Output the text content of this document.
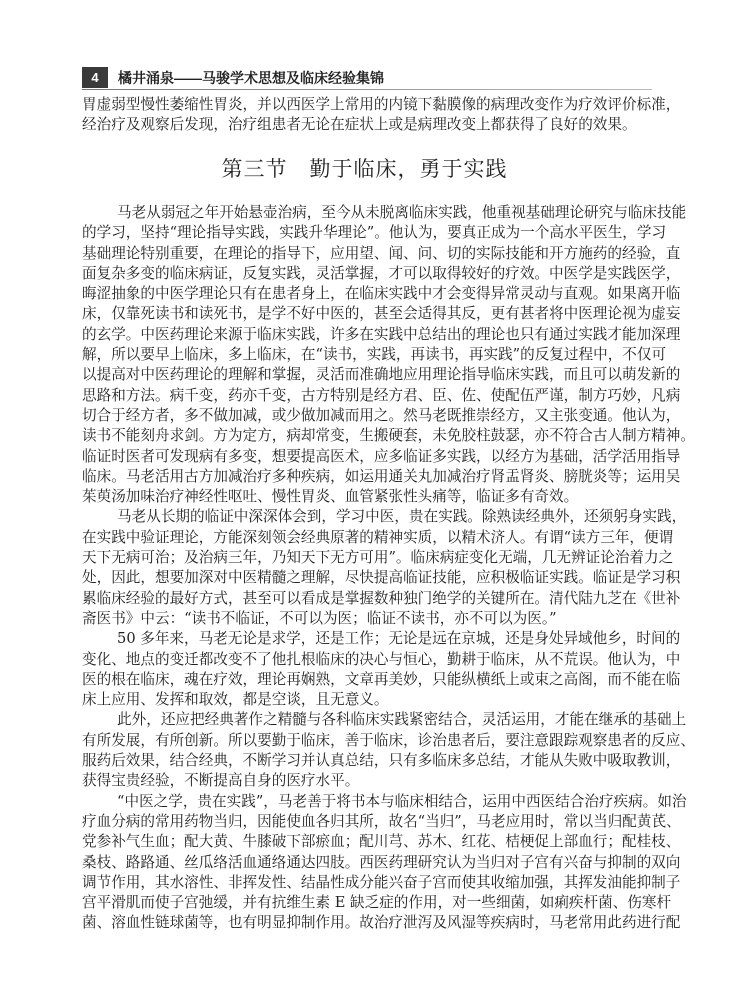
4	橘井涌泉——马骏学术思想及临床经验集锦
胃虚弱型慢性萎缩性胃炎，并以西医学上常用的内镜下黏膜像的病理改变作为疗效评价标准，
经治疗及观察后发现，治疗组患者无论在症状上或是病理改变上都获得了良好的效果。
第三节　勤于临床，勇于实践
马老从弱冠之年开始悬壶治病，至今从未脱离临床实践，他重视基础理论研究与临床技能
的学习，坚持“理论指导实践，实践升华理论”。他认为，要真正成为一个高水平医生，学习
基础理论特别重要，在理论的指导下，应用望、闻、问、切的实际技能和开方施药的经验，直
面复杂多变的临床病证，反复实践，灵活掌握，才可以取得较好的疗效。中医学是实践医学，
晦涩抽象的中医学理论只有在患者身上，在临床实践中才会变得异常灵动与直观。如果离开临
床，仅靠死读书和读死书，是学不好中医的，甚至会适得其反，更有甚者将中医理论视为虚妄
的玄学。中医药理论来源于临床实践，许多在实践中总结出的理论也只有通过实践才能加深理
解，所以要早上临床，多上临床，在“读书，实践，再读书，再实践”的反复过程中，不仅可
以提高对中医药理论的理解和掌握，灵活而准确地应用理论指导临床实践，而且可以萌发新的
思路和方法。病千变，药亦千变，古方特别是经方君、臣、佐、使配伍严谨，制方巧妙，凡病
切合于经方者，多不做加减，或少做加减而用之。然马老既推崇经方，又主张变通。他认为，
读书不能刻舟求剑。方为定方，病却常变，生搬硬套，未免胶柱鼓瑟，亦不符合古人制方精神。
临证时医者可发现病有多变，想要提高医术，应多临证多实践，以经方为基础，活学活用指导
临床。马老活用古方加减治疗多种疾病，如运用通关丸加减治疗肾盂肾炎、膀胱炎等；运用吴
茱萸汤加味治疗神经性呕吐、慢性胃炎、血管紧张性头痛等，临证多有奇效。
马老从长期的临证中深深体会到，学习中医，贵在实践。除熟读经典外，还须躬身实践，
在实践中验证理论，方能深刻领会经典原著的精神实质，以精术济人。有谓“读方三年，便谓
天下无病可治；及治病三年，乃知天下无方可用”。临床病症变化无端，几无辨证论治着力之
处，因此，想要加深对中医精髓之理解，尽快提高临证技能，应积极临证实践。临证是学习积
累临床经验的最好方式，甚至可以看成是掌握数种独门绝学的关键所在。清代陆九芝在《世补
斋医书》中云：“读书不临证，不可以为医；临证不读书，亦不可以为医。”
50 多年来，马老无论是求学，还是工作；无论是远在京城，还是身处异域他乡，时间的
变化、地点的变迁都改变不了他扎根临床的决心与恒心，勤耕于临床，从不荒误。他认为，中
医的根在临床，魂在疗效，理论再娴熟，文章再美妙，只能纵横纸上或束之高阁，而不能在临
床上应用、发挥和取效，都是空谈，且无意义。
此外，还应把经典著作之精髓与各科临床实践紧密结合，灵活运用，才能在继承的基础上
有所发展，有所创新。所以要勤于临床，善于临床，诊治患者后，要注意跟踪观察患者的反应、
服药后效果，结合经典，不断学习并认真总结，只有多临床多总结，才能从失败中吸取教训，
获得宝贵经验，不断提高自身的医疗水平。
“中医之学，贵在实践”，马老善于将书本与临床相结合，运用中西医结合治疗疾病。如治
疗血分病的常用药物当归，因能使血各归其所，故名“当归”，马老应用时，常以当归配黄芪、
党参补气生血；配大黄、牛膝破下部瘀血；配川芎、苏木、红花、桔梗促上部血行；配桂枝、
桑枝、路路通、丝瓜络活血通络通达四肢。西医药理研究认为当归对子宫有兴奋与抑制的双向
调节作用，其水溶性、非挥发性、结晶性成分能兴奋子宫而使其收缩加强，其挥发油能抑制子
宫平滑肌而使子宫弛缓，并有抗维生素 E 缺乏症的作用，对一些细菌，如痢疾杆菌、伤寒杆
菌、溶血性链球菌等，也有明显抑制作用。故治疗泄泻及风湿等疾病时，马老常用此药进行配
